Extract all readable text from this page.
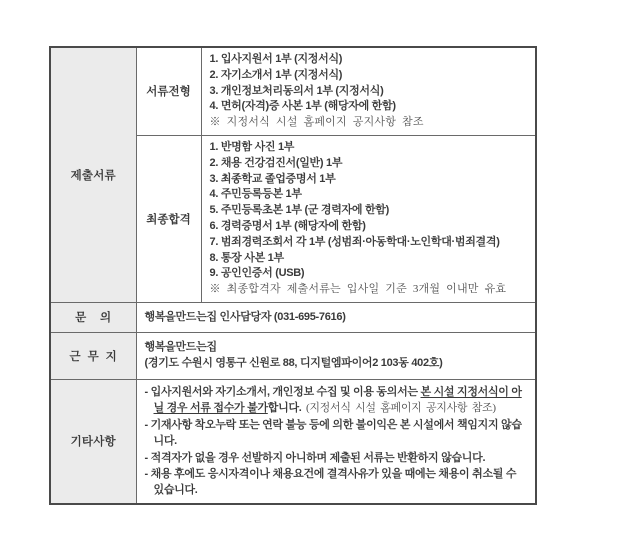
제출서류	서류전형	1. 입사지원서 1부 (지정서식)
2. 자기소개서 1부 (지정서식)
3. 개인정보처리동의서 1부 (지정서식)
4. 면허(자격)증 사본 1부 (해당자에 한함)
※ 지정서식 시설 홈페이지 공지사항 참조

최종합격	
1. 반명함 사진 1부
2. 채용 건강검진서(일반) 1부
3. 최종학교 졸업증명서 1부
4. 주민등록등본 1부
5. 주민등록초본 1부 (군 경력자에 한함)
6. 경력증명서 1부 (해당자에 한함)
7. 범죄경력조회서 각 1부 (성범죄·아동학대·노인학대·범죄결격)
8. 통장 사본 1부
9. 공인인증서 (USB)
※ 최종합격자 제출서류는 입사일 기준 3개월 이내만 유효

문    의	행복을만드는집 인사담당자 (031-695-7616)	

근  무  지	행복을만드는집
(경기도 수원시 영통구 신원로 88, 디지털엠파이어2 103동 402호)	

기타사항	- 입사지원서와 자기소개서, 개인정보 수집 및 이용 동의서는 본 시설 지정서식이 아닐 경우 서류 접수가 불가합니다. (지정서식 시설 홈페이지 공지사항 참조)
- 기재사항 착오누락 또는 연락 불능 등에 의한 불이익은 본 시설에서 책임지지 않습니다.
- 적격자가 없을 경우 선발하지 아니하며 제출된 서류는 반환하지 않습니다.
- 채용 후에도 응시자격이나 채용요건에 결격사유가 있을 때에는 채용이 취소될 수 있습니다.	
